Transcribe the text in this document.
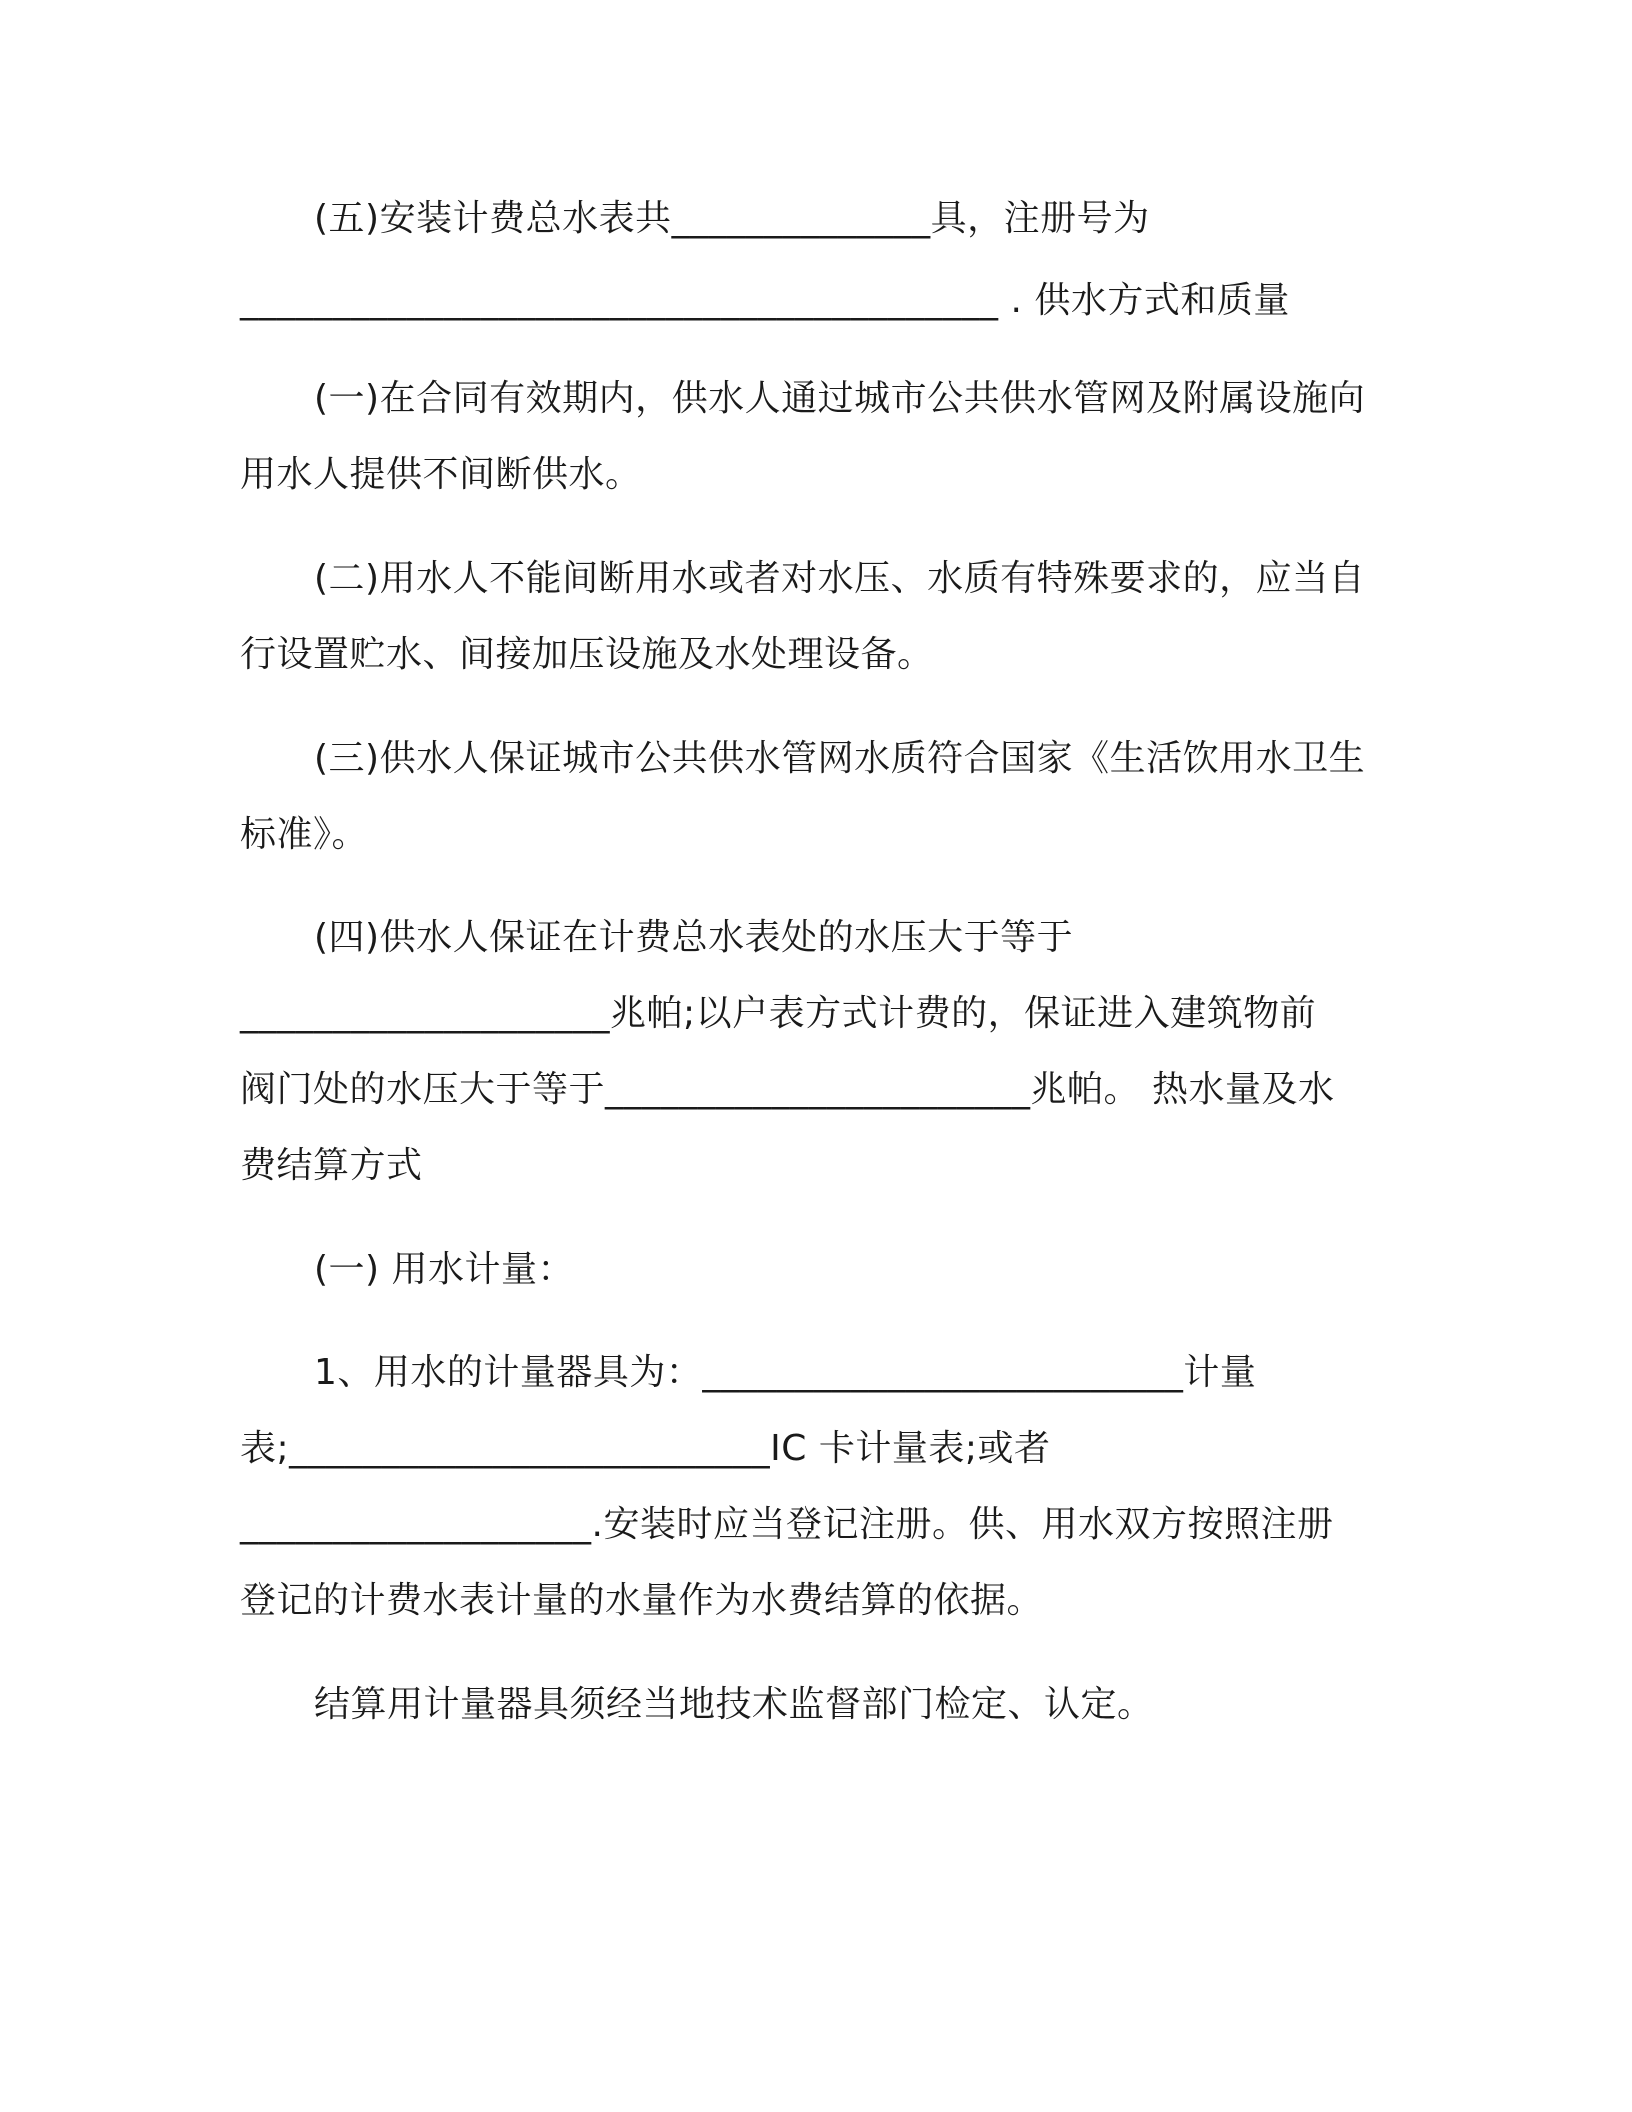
(五)安装计费总水表共______________具，注册号为
_________________________________________ . 供水方式和质量
(一)在合同有效期内，供水人通过城市公共供水管网及附属设施向
用水人提供不间断供水。
(二)用水人不能间断用水或者对水压、水质有特殊要求的，应当自
行设置贮水、间接加压设施及水处理设备。
(三)供水人保证城市公共供水管网水质符合国家《生活饮用水卫生
标准》。
(四)供水人保证在计费总水表处的水压大于等于
____________________兆帕;以户表方式计费的，保证进入建筑物前
阀门处的水压大于等于_______________________兆帕。 热水量及水
费结算方式
(一) 用水计量：
1、用水的计量器具为：__________________________计量
表;__________________________IC 卡计量表;或者
___________________.安装时应当登记注册。供、用水双方按照注册
登记的计费水表计量的水量作为水费结算的依据。
结算用计量器具须经当地技术监督部门检定、认定。
